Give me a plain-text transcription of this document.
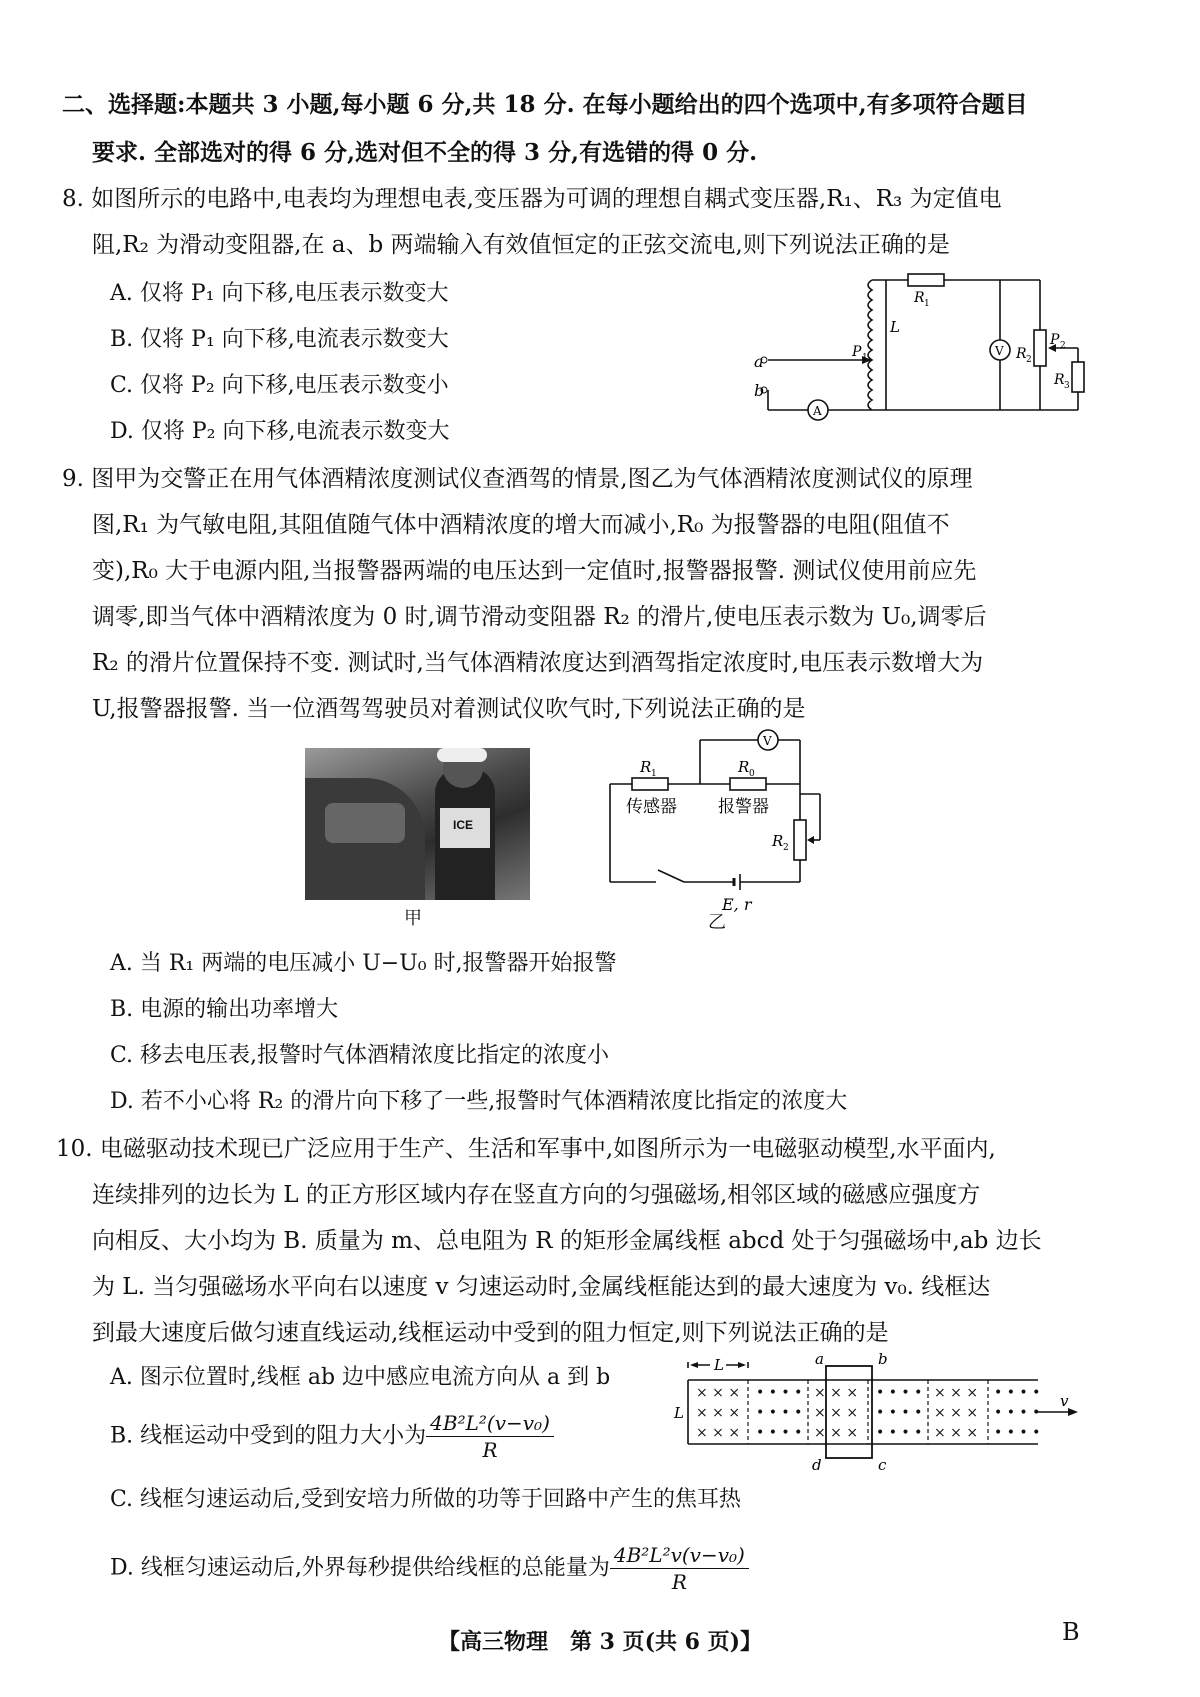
二、选择题:本题共 3 小题,每小题 6 分,共 18 分. 在每小题给出的四个选项中,有多项符合题目
要求. 全部选对的得 6 分,选对但不全的得 3 分,有选错的得 0 分.
8. 如图所示的电路中,电表均为理想电表,变压器为可调的理想自耦式变压器,R₁、R₃ 为定值电
阻,R₂ 为滑动变阻器,在 a、b 两端输入有效值恒定的正弦交流电,则下列说法正确的是
A. 仅将 P₁ 向下移,电压表示数变大
B. 仅将 P₁ 向下移,电流表示数变大
C. 仅将 P₂ 向下移,电压表示数变小
D. 仅将 P₂ 向下移,电流表示数变大
a
b
L
R 1
P 1	R 2
P 2
R 3
V
A
9. 图甲为交警正在用气体酒精浓度测试仪查酒驾的情景,图乙为气体酒精浓度测试仪的原理
图,R₁ 为气敏电阻,其阻值随气体中酒精浓度的增大而减小,R₀ 为报警器的电阻(阻值不
变),R₀ 大于电源内阻,当报警器两端的电压达到一定值时,报警器报警. 测试仪使用前应先
调零,即当气体中酒精浓度为 0 时,调节滑动变阻器 R₂ 的滑片,使电压表示数为 U₀,调零后
R₂ 的滑片位置保持不变. 测试时,当气体酒精浓度达到酒驾指定浓度时,电压表示数增大为
U,报警器报警. 当一位酒驾驾驶员对着测试仪吹气时,下列说法正确的是
ICE
甲
V
R 1	R 0
R 2
传感器 报警器
E, r
乙
A. 当 R₁ 两端的电压减小 U−U₀ 时,报警器开始报警
B. 电源的输出功率增大
C. 移去电压表,报警时气体酒精浓度比指定的浓度小
D. 若不小心将 R₂ 的滑片向下移了一些,报警时气体酒精浓度比指定的浓度大
10. 电磁驱动技术现已广泛应用于生产、生活和军事中,如图所示为一电磁驱动模型,水平面内,
连续排列的边长为 L 的正方形区域内存在竖直方向的匀强磁场,相邻区域的磁感应强度方
向相反、大小均为 B. 质量为 m、总电阻为 R 的矩形金属线框 abcd 处于匀强磁场中,ab 边长
为 L. 当匀强磁场水平向右以速度 v 匀速运动时,金属线框能达到的最大速度为 v₀. 线框达
到最大速度后做匀速直线运动,线框运动中受到的阻力恒定,则下列说法正确的是
A. 图示位置时,线框 ab 边中感应电流方向从 a 到 b
B. 线框运动中受到的阻力大小为 $\frac{\text{4B²L²(v−v₀)}}{R}$
C. 线框匀速运动后,受到安培力所做的功等于回路中产生的焦耳热
D. 线框匀速运动后,外界每秒提供给线框的总能量为 $\frac{\text{4B²L²v(v−v₀)}}{R}$
× × ×
× × ×
× × ×
• • • •
• • • •
• • • •
× × ×
× × ×
× × ×
• • • •
• • • •
• • • •
× × ×
× × ×
× × ×
• • • •
• • • •
• • • •
L
L
a	b
c
d
v
【高三物理　第 3 页(共 6 页)】	B
